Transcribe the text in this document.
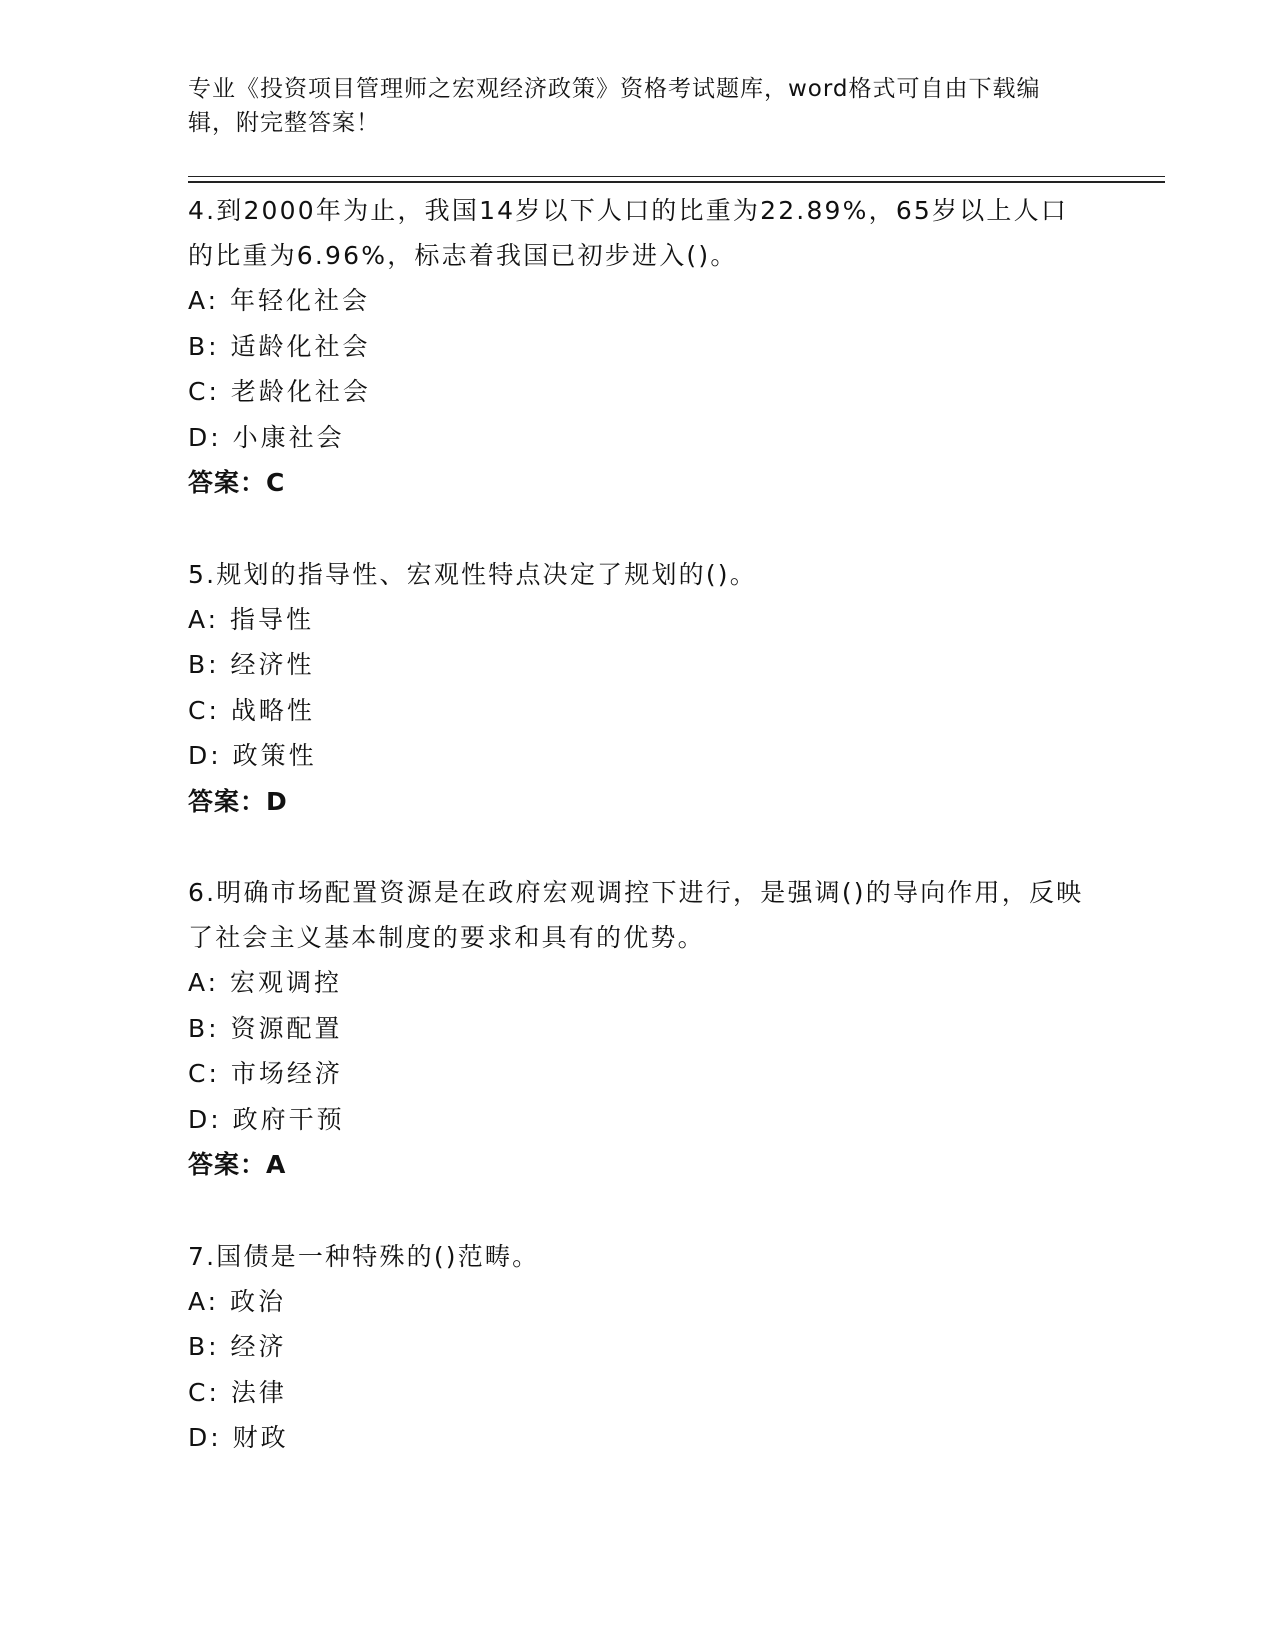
专业《投资项目管理师之宏观经济政策》资格考试题库，word格式可自由下载编辑，附完整答案！

4.到2000年为止，我国14岁以下人口的比重为22.89%，65岁以上人口的比重为6.96%，标志着我国已初步进入()。

A: 年轻化社会

B: 适龄化社会

C: 老龄化社会

D: 小康社会

答案：C

5.规划的指导性、宏观性特点决定了规划的()。

A: 指导性

B: 经济性

C: 战略性

D: 政策性

答案：D

6.明确市场配置资源是在政府宏观调控下进行，是强调()的导向作用，反映了社会主义基本制度的要求和具有的优势。

A: 宏观调控

B: 资源配置

C: 市场经济

D: 政府干预

答案：A

7.国债是一种特殊的()范畴。

A: 政治

B: 经济

C: 法律

D: 财政
